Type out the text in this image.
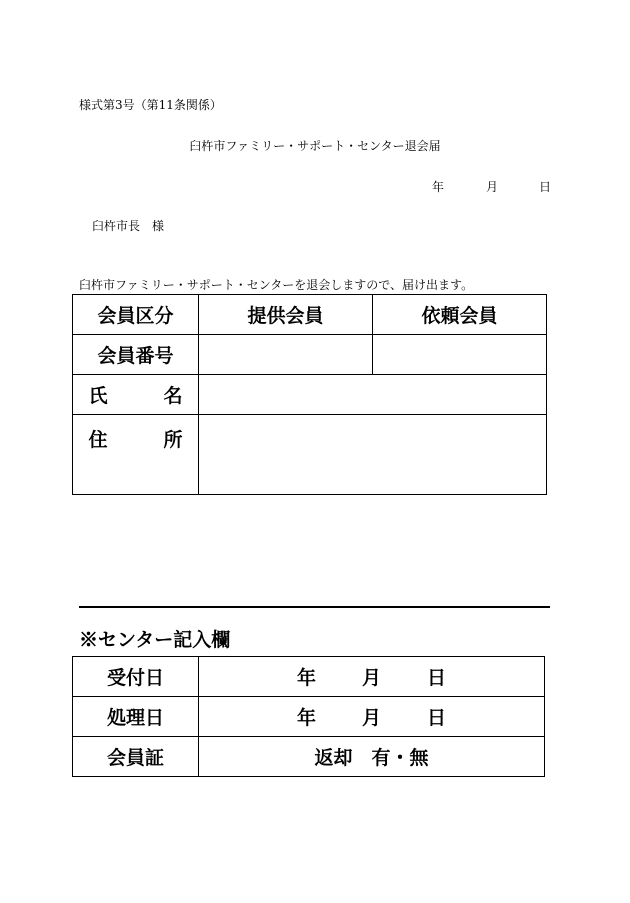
様式第3号（第11条関係）
臼杵市ファミリー・サポート・センター退会届
年	月	日
臼杵市長　様
臼杵市ファミリー・サポート・センターを退会しますので、届け出ます。
会員区分	提供会員	依頼会員
会員番号		
氏 名		
住 所		
※センター記入欄
受付日	年 月 日
処理日	年 月 日
会員証	返却　有・無
